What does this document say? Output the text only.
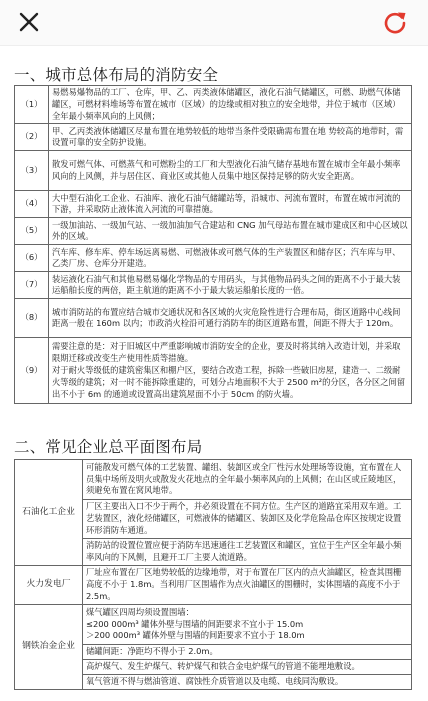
一、城市总体布局的消防安全
（1）	易燃易爆物品的工厂、仓库，甲、乙、丙类液体储罐区，液化石油气储罐区，可燃、助燃气体储罐区，可燃材料堆场等布置在城市（区域）的边缘或相对独立的安全地带，并位于城市（区域）全年最小频率风向的上风侧；
（2）	甲、乙丙类液体储罐区尽量布置在地势较低的地带当条件受限确需布置在地 势较高的地带时，需设置可靠的安全防护设施。
（3）	散发可燃气体、可燃蒸气和可燃粉尘的工厂和大型液化石油气储存基地布置在城市全年最小频率风向的上风侧，并与居住区、商业区或其他人员集中地区保持足够的防火安全距离。
（4）	大中型石油化工企业、石油库、液化石油气储罐站等，沿城市、河流布置时，布置在城市河流的下游，并采取防止液体流入河流的可靠措施。
（5）	一级加油站、一级加气站、一级加油加气合建站和 CNG 加气母站布置在城市建成区和中心区域以外的区域。
（6）	汽车库、修车库、停车场远离易燃、可燃液体或可燃气体的生产装置区和储存区；汽车库与甲、乙类厂房、仓库分开建造。
（7）	装运液化石油气和其他易燃易爆化学物品的专用码头，与其他物品码头之间的距离不小于最大装运船舶长度的两倍，距主航道的距离不小于最大装运船舶长度的一倍。
（8）	城市消防站的布置应结合城市交通状况和各区域的火灾危险性进行合理布局，街区道路中心线间距离一般在 160m 以内；市政消火栓沿可通行消防车的街区道路布置，间距不得大于 120m。
（9）	需要注意的是：对于旧城区中严重影响城市消防安全的企业，要及时将其纳入改造计划，并采取限期迁移或改变生产使用性质等措施。
对于耐火等级低的建筑密集区和棚户区，要结合改造工程，拆除一些破旧房屋，建造一、二级耐火等级的建筑；对一时不能拆除重建的，可划分占地面积不大于 2500 m²的分区，各分区之间留出不小于 6m 的通道或设置高出建筑屋面不小于 50cm 的防火墙。
二、常见企业总平面图布局
石油化工企业	可能散发可燃气体的工艺装置、罐组、装卸区或全厂性污水处理场等设施，宜布置在人员集中场所及明火或散发火花地点的全年最小频率风向的上风侧；在山区或丘陵地区，须避免布置在窝风地带。
	厂区主要出入口不少于两个，并必须设置在不同方位。生产区的道路宜采用双车道。工艺装置区，液化烃储罐区，可燃液体的储罐区、装卸区及化学危险品仓库区按规定设置环形消防车通道。
	消防站的设置位置应便于消防车迅速通往工艺装置区和罐区，宜位于生产区全年最小频率风向的下风侧，且避开工厂主要人流道路。
火力发电厂	厂址应布置在厂区地势较低的边缘地带，对于布置在厂区内的点火油罐区，检查其围栅高度不小于 1.8m。当利用厂区围墙作为点火油罐区的围栅时，实体围墙的高度不小于 2.5m。
钢铁冶金企业	煤气罐区四周均须设置围墙：
≤200 000m³ 罐体外壁与围墙的间距要求不宜小于 15.0m
＞200 000m³ 罐体外壁与围墙的间距要求不宜小于 18.0m

	储罐间距：净距均不得小于 2.0m。
	高炉煤气、发生炉煤气、转炉煤气和铁合金电炉煤气的管道不能埋地敷设。
	氧气管道不得与燃油管道、腐蚀性介质管道以及电缆、电线同沟敷设。
